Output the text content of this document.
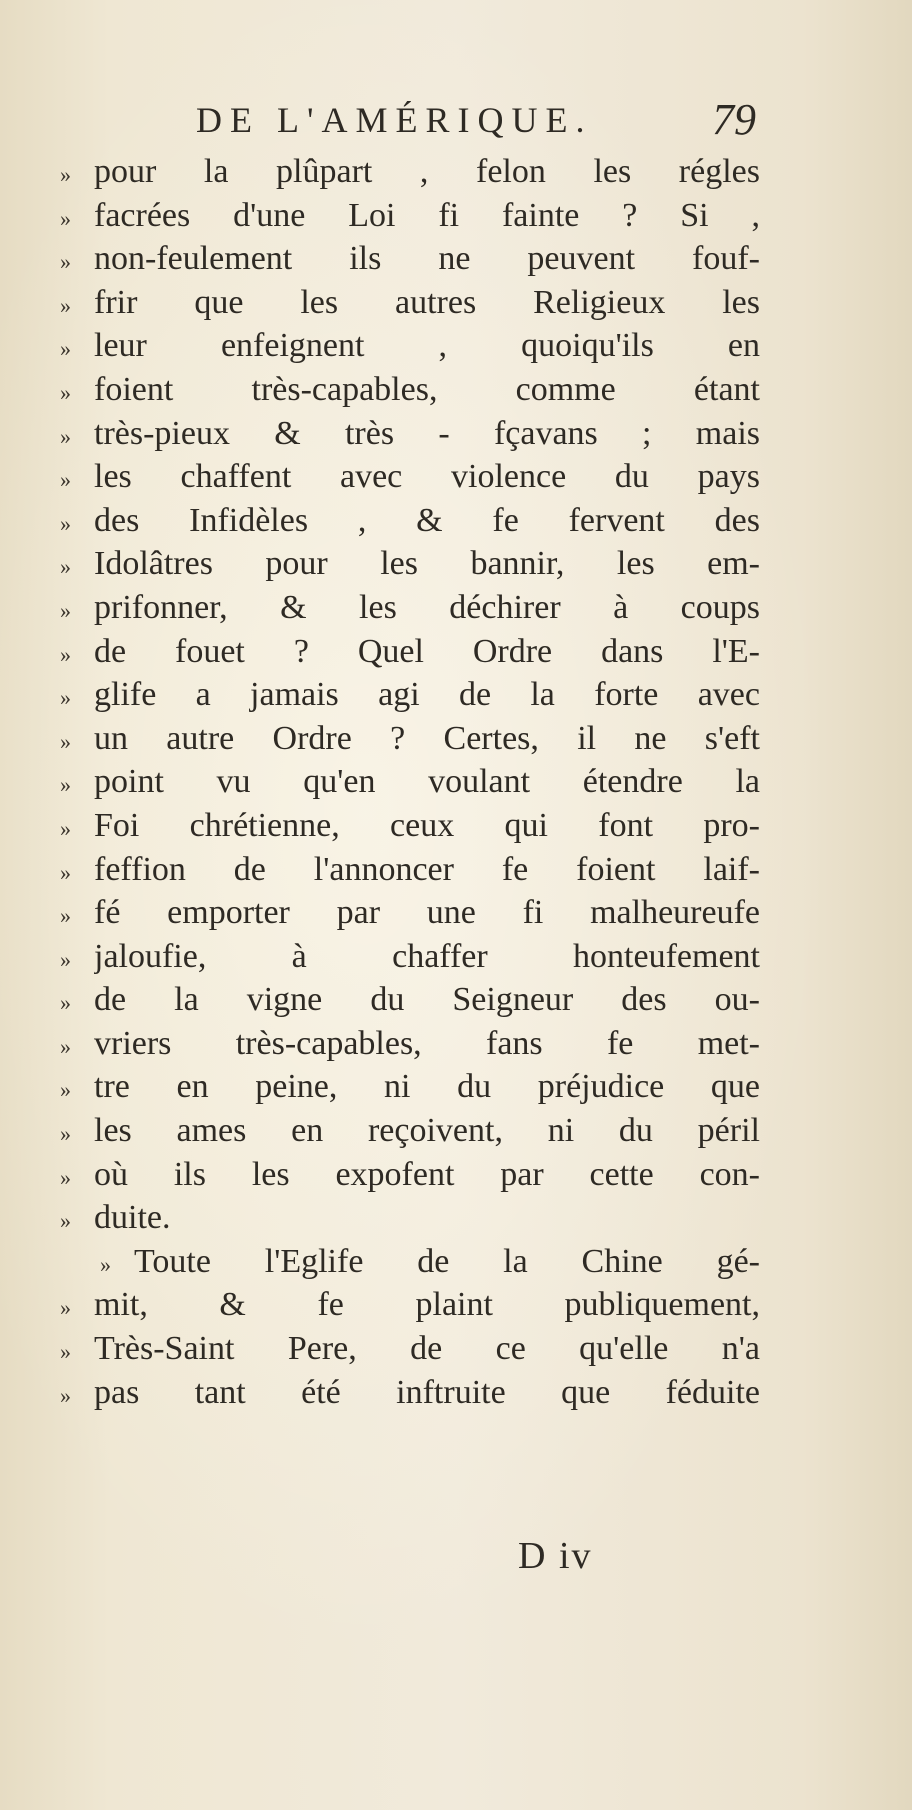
DE L'AMÉRIQUE.	79
» pour la plûpart , felon les régles
» facrées d'une Loi fi fainte ? Si ,
» non-feulement ils ne peuvent fouf-
» frir que les autres Religieux les
» leur enfeignent , quoiqu'ils en
» foient très-capables, comme étant
» très-pieux & très - fçavans ; mais
» les chaffent avec violence du pays
» des Infidèles , & fe fervent des
» Idolâtres pour les bannir, les em-
» prifonner, & les déchirer à coups
» de fouet ? Quel Ordre dans l'E-
» glife a jamais agi de la forte avec
» un autre Ordre ? Certes, il ne s'eft
» point vu qu'en voulant étendre la
» Foi chrétienne, ceux qui font pro-
» feffion de l'annoncer fe foient laif-
» fé emporter par une fi malheureufe
» jaloufie, à chaffer honteufement
» de la vigne du Seigneur des ou-
» vriers très-capables, fans fe met-
» tre en peine, ni du préjudice que
» les ames en reçoivent, ni du péril
» où ils les expofent par cette con-
» duite.
» Toute l'Eglife de la Chine gé-
» mit, & fe plaint publiquement,
» Très-Saint Pere, de ce qu'elle n'a
» pas tant été inftruite que féduite
D iv
